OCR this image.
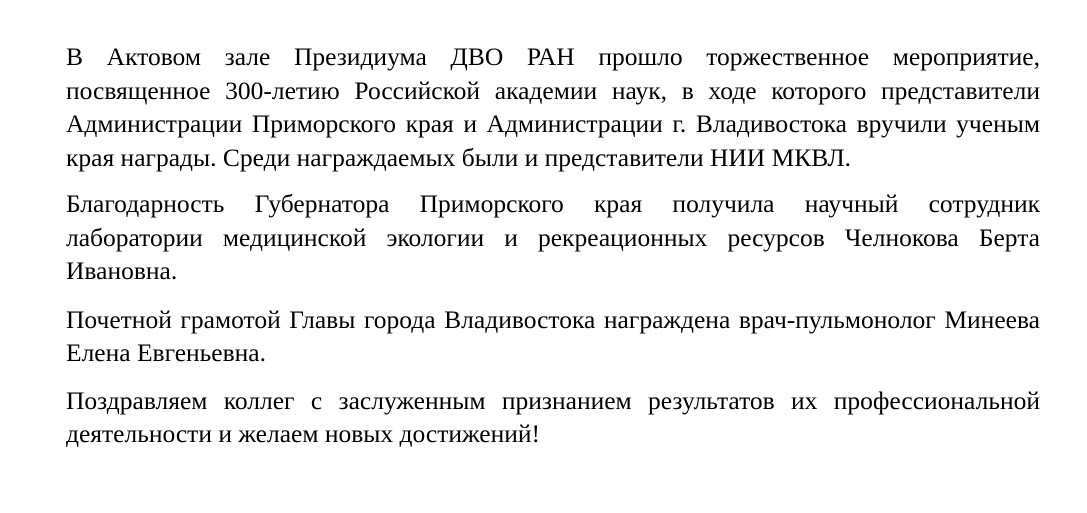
В Актовом зале Президиума ДВО РАН прошло торжественное мероприятие, посвященное 300-летию Российской академии наук, в ходе которого представители Администрации Приморского края и Администрации г. Владивостока вручили ученым края награды. Среди награждаемых были и представители НИИ МКВЛ.

Благодарность Губернатора Приморского края получила научный сотрудник лаборатории медицинской экологии и рекреационных ресурсов Челнокова Берта Ивановна.

Почетной грамотой Главы города Владивостока награждена врач-пульмонолог Минеева Елена Евгеньевна.

Поздравляем коллег с заслуженным признанием результатов их профессиональной деятельности и желаем новых достижений!
